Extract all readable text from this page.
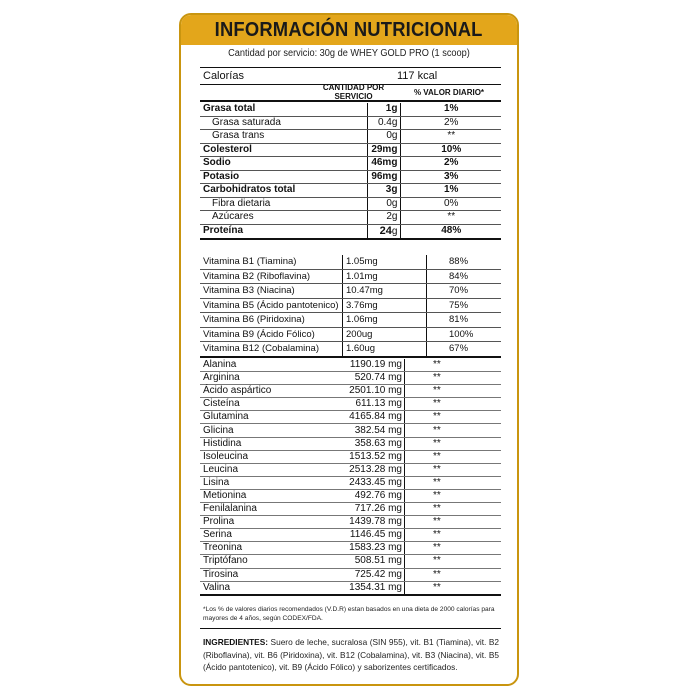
INFORMACIÓN NUTRICIONAL
Cantidad por servicio: 30g de WHEY GOLD PRO (1 scoop)
Calorías	117 kcal
CANTIDAD POR SERVICIO	% VALOR DIARIO*
Grasa total	1g	1%
Grasa saturada	0.4g	2%
Grasa trans	0g	**
Colesterol	29mg	10%
Sodio	46mg	2%
Potasio	96mg	3%
Carbohidratos total	3g	1%
Fibra dietaria	0g	0%
Azúcares	2g	**
Proteína	24g	48%
Vitamina B1 (Tiamina)	1.05mg	88%
Vitamina B2 (Riboflavina)	1.01mg	84%
Vitamina B3 (Niacina)	10.47mg	70%
Vitamina B5 (Ácido pantotenico)	3.76mg	75%
Vitamina B6 (Piridoxina)	1.06mg	81%
Vitamina B9 (Ácido Fólico)	200ug	100%
Vitamina B12 (Cobalamina)	1.60ug	67%
Alanina	1190.19 mg	**
Arginina	520.74 mg	**
Ácido aspártico	2501.10 mg	**
Cisteína	611.13 mg	**
Glutamina	4165.84 mg	**
Glicina	382.54 mg	**
Histidina	358.63 mg	**
Isoleucina	1513.52 mg	**
Leucina	2513.28 mg	**
Lisina	2433.45 mg	**
Metionina	492.76 mg	**
Fenilalanina	717.26 mg	**
Prolina	1439.78 mg	**
Serina	1146.45 mg	**
Treonina	1583.23 mg	**
Triptófano	508.51 mg	**
Tirosina	725.42 mg	**
Valina	1354.31 mg	**
*Los % de valores diarios recomendados (V.D.R) estan basados en una dieta de 2000 calorías para mayores de 4 años, según CODEX/FDA.
INGREDIENTES: Suero de leche, sucralosa (SIN 955), vit. B1 (Tiamina), vit. B2 (Riboflavina), vit. B6 (Piridoxina), vit. B12 (Cobalamina), vit. B3 (Niacina), vit. B5 (Ácido pantotenico), vit. B9 (Ácido Fólico) y saborizentes certificados.
